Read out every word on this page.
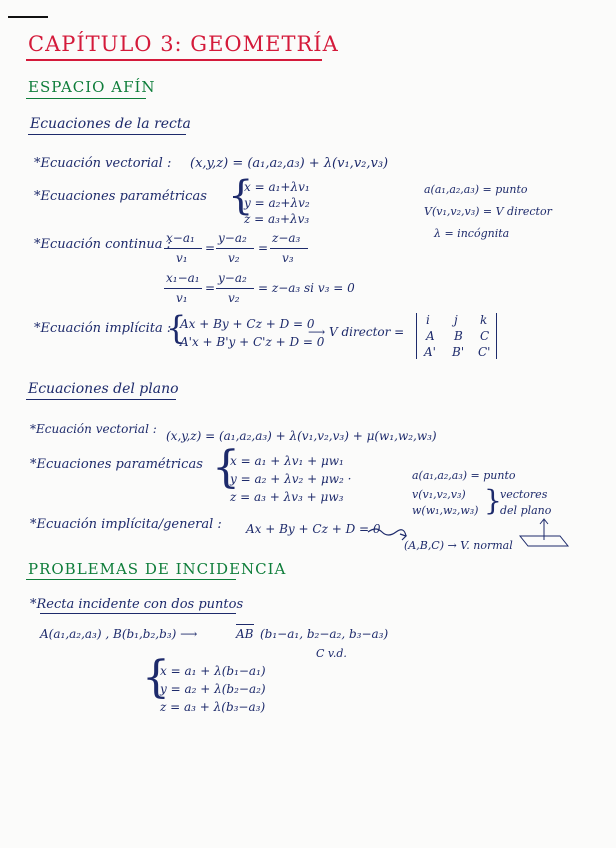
CAPÍTULO 3: GEOMETRÍA
ESPACIO AFÍN
Ecuaciones de la recta
*Ecuación vectorial : (x,y,z) = (a₁,a₂,a₃) + λ(v₁,v₂,v₃)
*Ecuaciones paramétricas {
x = a₁+λv₁
y = a₂+λv₂
z = a₃+λv₃
a(a₁,a₂,a₃) = punto
V(v₁,v₂,v₃) = V director
λ = incógnita
*Ecuación continua :
x−a₁
v₁
=
y−a₂
v₂
=
z−a₃
v₃
x₁−a₁
v₁
=
y−a₂
v₂
= z−a₃ si v₃ = 0
*Ecuación implícita :
{
Ax + By + Cz + D = 0
A'x + B'y + C'z + D = 0
⟶ V director =
i j k
A B C
A' B' C'
Ecuaciones del plano
*Ecuación vectorial : (x,y,z) = (a₁,a₂,a₃) + λ(v₁,v₂,v₃) + μ(w₁,w₂,w₃)
*Ecuaciones paramétricas {
x = a₁ + λv₁ + μw₁
y = a₂ + λv₂ + μw₂ ·
z = a₃ + λv₃ + μw₃
a(a₁,a₂,a₃) = punto
v(v₁,v₂,v₃)
w(w₁,w₂,w₃) }
vectores
del plano
*Ecuación implícita/general : Ax + By + Cz + D = 0
(A,B,C) → V. normal
PROBLEMAS DE INCIDENCIA
*Recta incidente con dos puntos
A(a₁,a₂,a₃) , B(b₁,b₂,b₃) ⟶	AB (b₁−a₁, b₂−a₂, b₃−a₃)
C v.d.
{
x = a₁ + λ(b₁−a₁)
y = a₂ + λ(b₂−a₂)
z = a₃ + λ(b₃−a₃)
